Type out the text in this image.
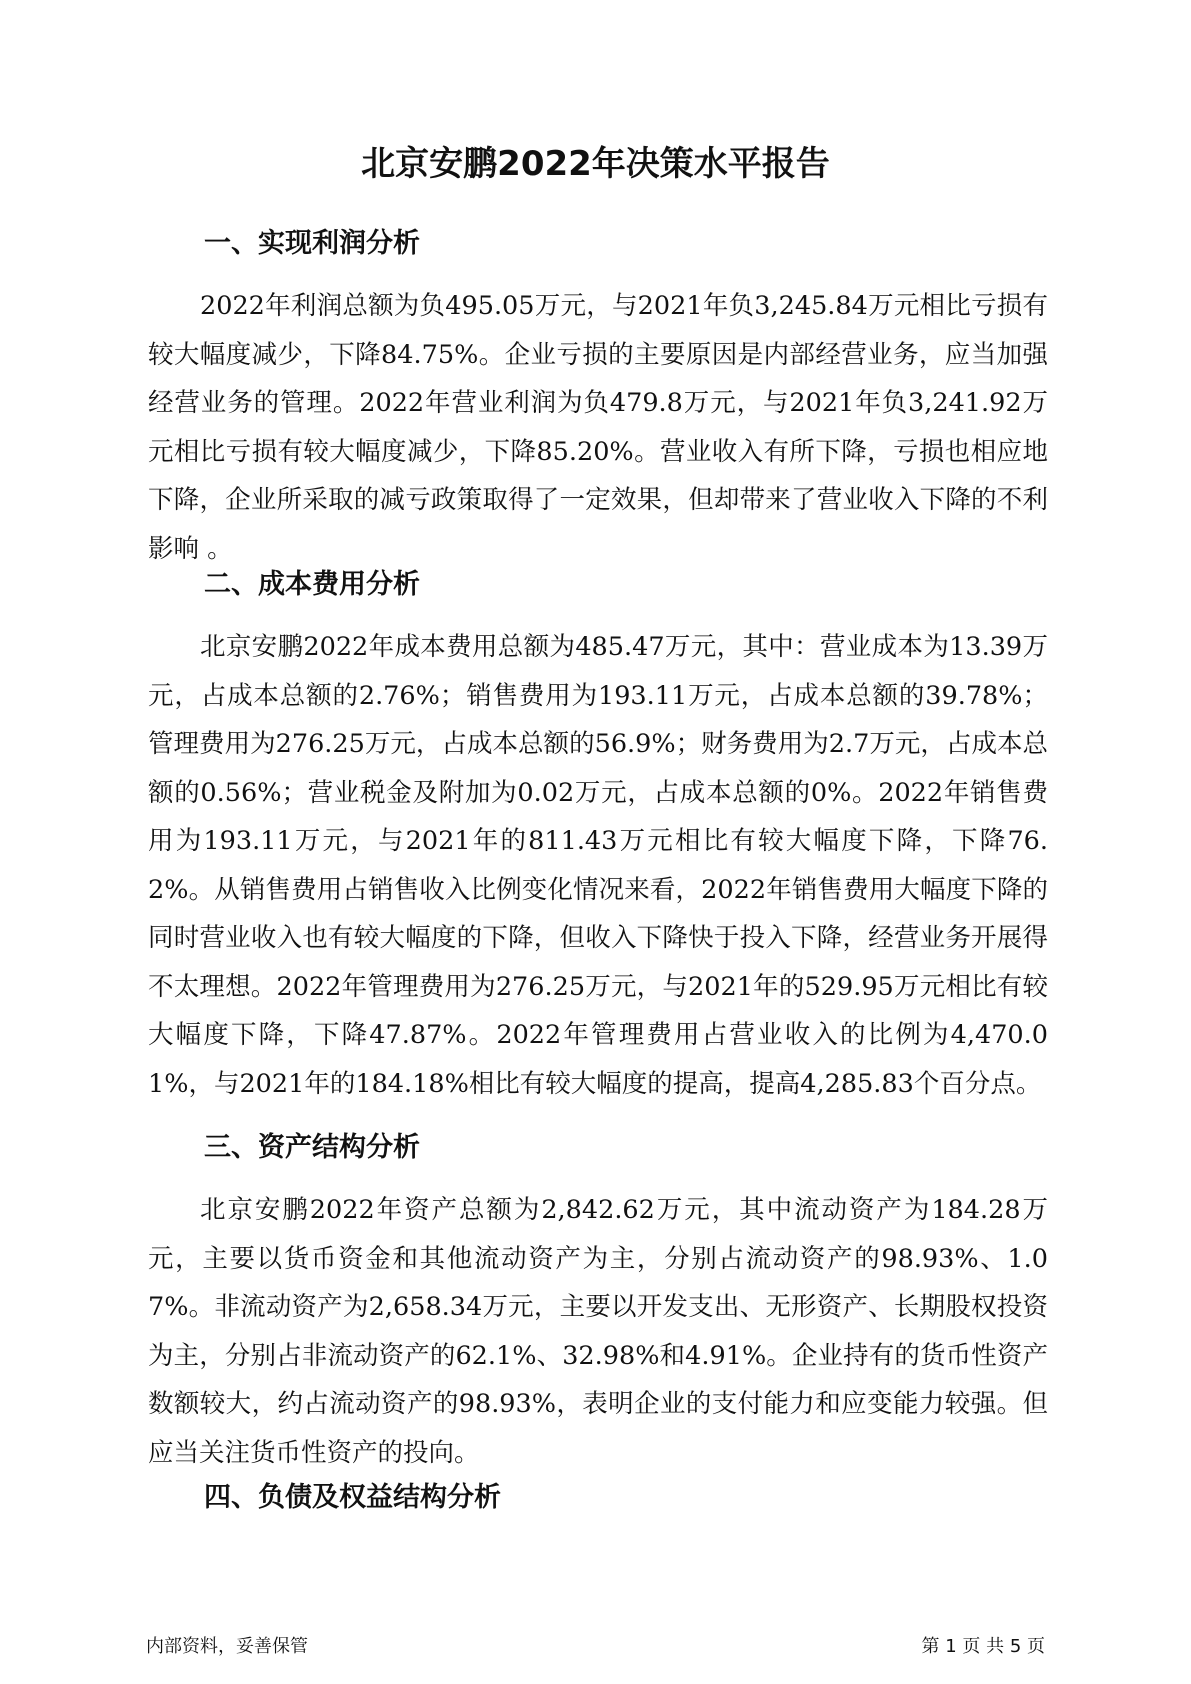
北京安鹏2022年决策水平报告
一、实现利润分析

2022年利润总额为负495.05万元，与2021年负3,245.84万元相比亏损有较大幅度减少，下降84.75%。企业亏损的主要原因是内部经营业务，应当加强经营业务的管理。2022年营业利润为负479.8万元，与2021年负3,241.92万元相比亏损有较大幅度减少，下降85.20%。营业收入有所下降，亏损也相应地下降，企业所采取的减亏政策取得了一定效果，但却带来了营业收入下降的不利影响 。

二、成本费用分析

北京安鹏2022年成本费用总额为485.47万元，其中：营业成本为13.39万元，占成本总额的2.76%；销售费用为193.11万元，占成本总额的39.78%；管理费用为276.25万元，占成本总额的56.9%；财务费用为2.7万元，占成本总额的0.56%；营业税金及附加为0.02万元，占成本总额的0%。2022年销售费用为193.11万元，与2021年的811.43万元相比有较大幅度下降，下降76.2%。从销售费用占销售收入比例变化情况来看，2022年销售费用大幅度下降的同时营业收入也有较大幅度的下降，但收入下降快于投入下降，经营业务开展得不太理想。2022年管理费用为276.25万元，与2021年的529.95万元相比有较大幅度下降，下降47.87%。2022年管理费用占营业收入的比例为4,470.01%，与2021年的184.18%相比有较大幅度的提高，提高4,285.83个百分点。

三、资产结构分析

北京安鹏2022年资产总额为2,842.62万元，其中流动资产为184.28万元，主要以货币资金和其他流动资产为主，分别占流动资产的98.93%、1.07%。非流动资产为2,658.34万元，主要以开发支出、无形资产、长期股权投资为主，分别占非流动资产的62.1%、32.98%和4.91%。企业持有的货币性资产数额较大，约占流动资产的98.93%，表明企业的支付能力和应变能力较强。但应当关注货币性资产的投向。

四、负债及权益结构分析
内部资料，妥善保管	第 1 页 共 5 页
